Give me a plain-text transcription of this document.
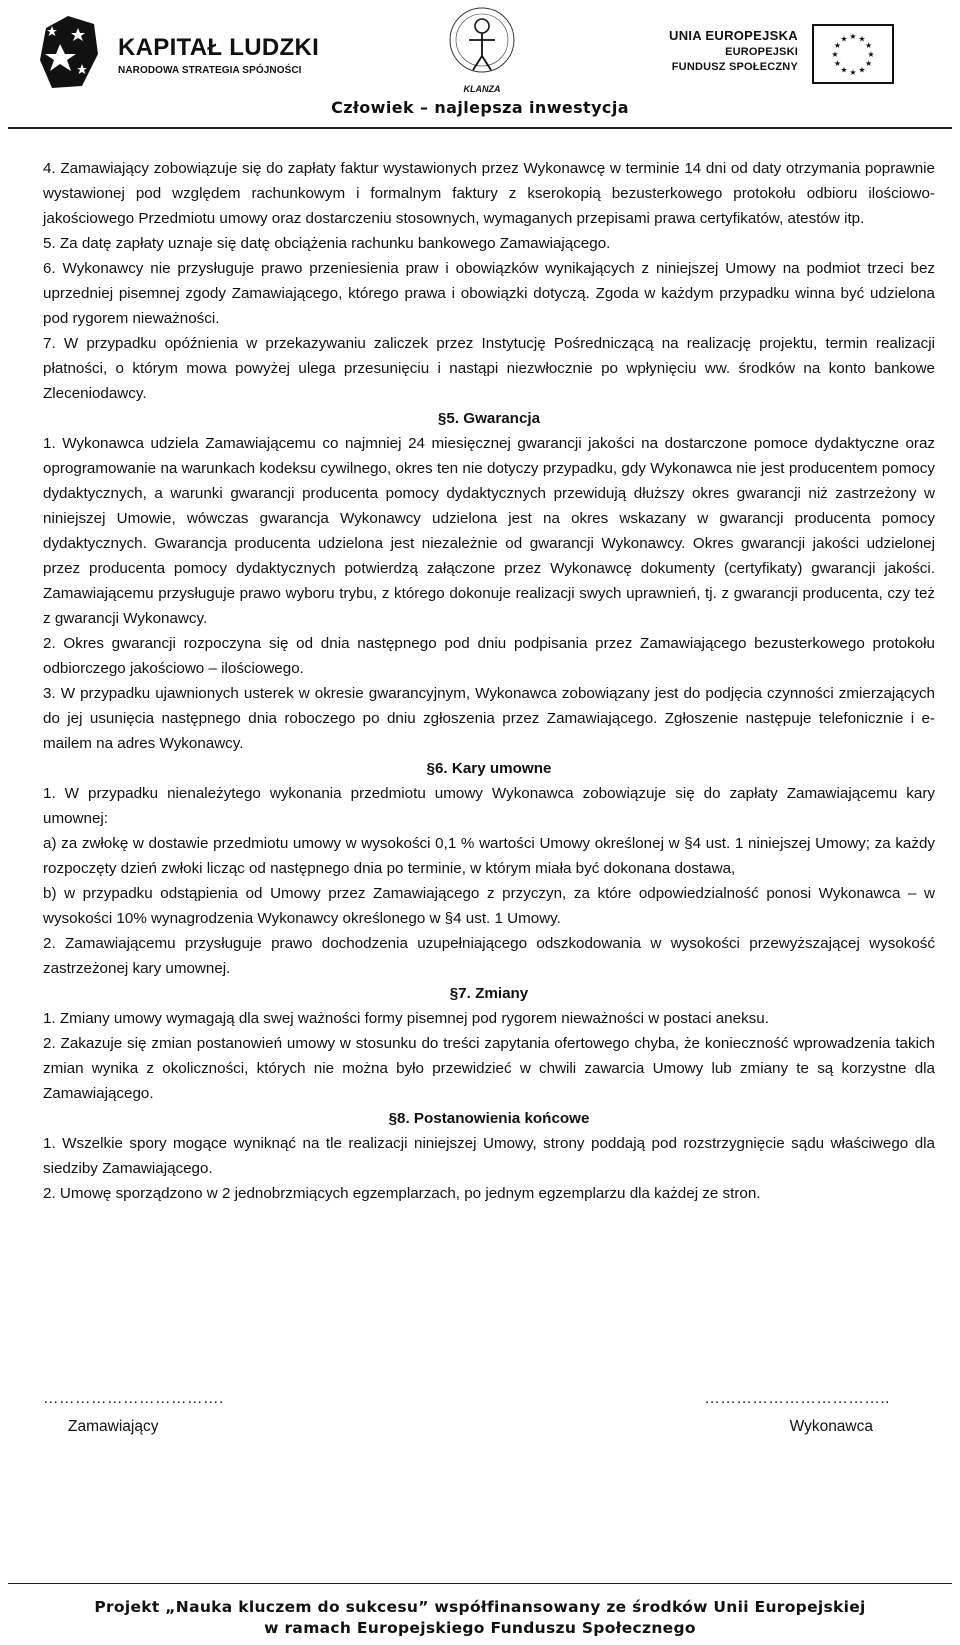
KAPITAŁ LUDZKI
NARODOWA STRATEGIA SPÓJNOŚCI
KLANZA
UNIA EUROPEJSKA
EUROPEJSKI
FUNDUSZ SPOŁECZNY
★ ★
★
★
★
★
★
★
★
★
★
★
Człowiek – najlepsza inwestycja

4. Zamawiający zobowiązuje się do zapłaty faktur wystawionych przez Wykonawcę w terminie 14 dni od daty otrzymania poprawnie wystawionej pod względem rachunkowym i formalnym faktury z kserokopią bezusterkowego protokołu odbioru ilościowo-jakościowego Przedmiotu umowy oraz dostarczeniu stosownych, wymaganych przepisami prawa certyfikatów, atestów itp.

5. Za datę zapłaty uznaje się datę obciążenia rachunku bankowego Zamawiającego.

6. Wykonawcy nie przysługuje prawo przeniesienia praw i obowiązków wynikających z niniejszej Umowy na podmiot trzeci bez uprzedniej pisemnej zgody Zamawiającego, którego prawa i obowiązki dotyczą. Zgoda w każdym przypadku winna być udzielona pod rygorem nieważności.

7. W przypadku opóźnienia w przekazywaniu zaliczek przez Instytucję Pośredniczącą na realizację projektu, termin realizacji płatności, o którym mowa powyżej ulega przesunięciu i nastąpi niezwłocznie po wpłynięciu ww. środków na konto bankowe Zleceniodawcy.

§5. Gwarancja

1. Wykonawca udziela Zamawiającemu co najmniej 24 miesięcznej gwarancji jakości na dostarczone pomoce dydaktyczne oraz oprogramowanie na warunkach kodeksu cywilnego, okres ten nie dotyczy przypadku, gdy Wykonawca nie jest producentem pomocy dydaktycznych, a warunki gwarancji producenta pomocy dydaktycznych przewidują dłuższy okres gwarancji niż zastrzeżony w niniejszej Umowie, wówczas gwarancja Wykonawcy udzielona jest na okres wskazany w gwarancji producenta pomocy dydaktycznych. Gwarancja producenta udzielona jest niezależnie od gwarancji Wykonawcy. Okres gwarancji jakości udzielonej przez producenta pomocy dydaktycznych potwierdzą załączone przez Wykonawcę dokumenty (certyfikaty) gwarancji jakości. Zamawiającemu przysługuje prawo wyboru trybu, z którego dokonuje realizacji swych uprawnień, tj. z gwarancji producenta, czy też z gwarancji Wykonawcy.

2. Okres gwarancji rozpoczyna się od dnia następnego pod dniu podpisania przez Zamawiającego bezusterkowego protokołu odbiorczego jakościowo – ilościowego.

3. W przypadku ujawnionych usterek w okresie gwarancyjnym, Wykonawca zobowiązany jest do podjęcia czynności zmierzających do jej usunięcia następnego dnia roboczego po dniu zgłoszenia przez Zamawiającego. Zgłoszenie następuje telefonicznie i e-mailem na adres Wykonawcy.

§6. Kary umowne

1. W przypadku nienależytego wykonania przedmiotu umowy Wykonawca zobowiązuje się do zapłaty Zamawiającemu kary umownej:

a) za zwłokę w dostawie przedmiotu umowy w wysokości 0,1 % wartości Umowy określonej w §4 ust. 1 niniejszej Umowy; za każdy rozpoczęty dzień zwłoki licząc od następnego dnia po terminie, w którym miała być dokonana dostawa,

b) w przypadku odstąpienia od Umowy przez Zamawiającego z przyczyn, za które odpowiedzialność ponosi Wykonawca – w wysokości 10% wynagrodzenia Wykonawcy określonego w §4 ust. 1 Umowy.

2. Zamawiającemu przysługuje prawo dochodzenia uzupełniającego odszkodowania w wysokości przewyższającej wysokość zastrzeżonej kary umownej.

§7. Zmiany

1. Zmiany umowy wymagają dla swej ważności formy pisemnej pod rygorem nieważności w postaci aneksu.

2. Zakazuje się zmian postanowień umowy w stosunku do treści zapytania ofertowego chyba, że konieczność wprowadzenia takich zmian wynika z okoliczności, których nie można było przewidzieć w chwili zawarcia Umowy lub zmiany te są korzystne dla Zamawiającego.

§8. Postanowienia końcowe

1. Wszelkie spory mogące wyniknąć na tle realizacji niniejszej Umowy, strony poddają pod rozstrzygnięcie sądu właściwego dla siedziby Zamawiającego.

2. Umowę sporządzono w 2 jednobrzmiących egzemplarzach, po jednym egzemplarzu dla każdej ze stron.

…………………………….	……………………………..
Zamawiający	Wykonawca
Projekt „Nauka kluczem do sukcesu” współfinansowany ze środków Unii Europejskiej
w ramach Europejskiego Funduszu Społecznego
